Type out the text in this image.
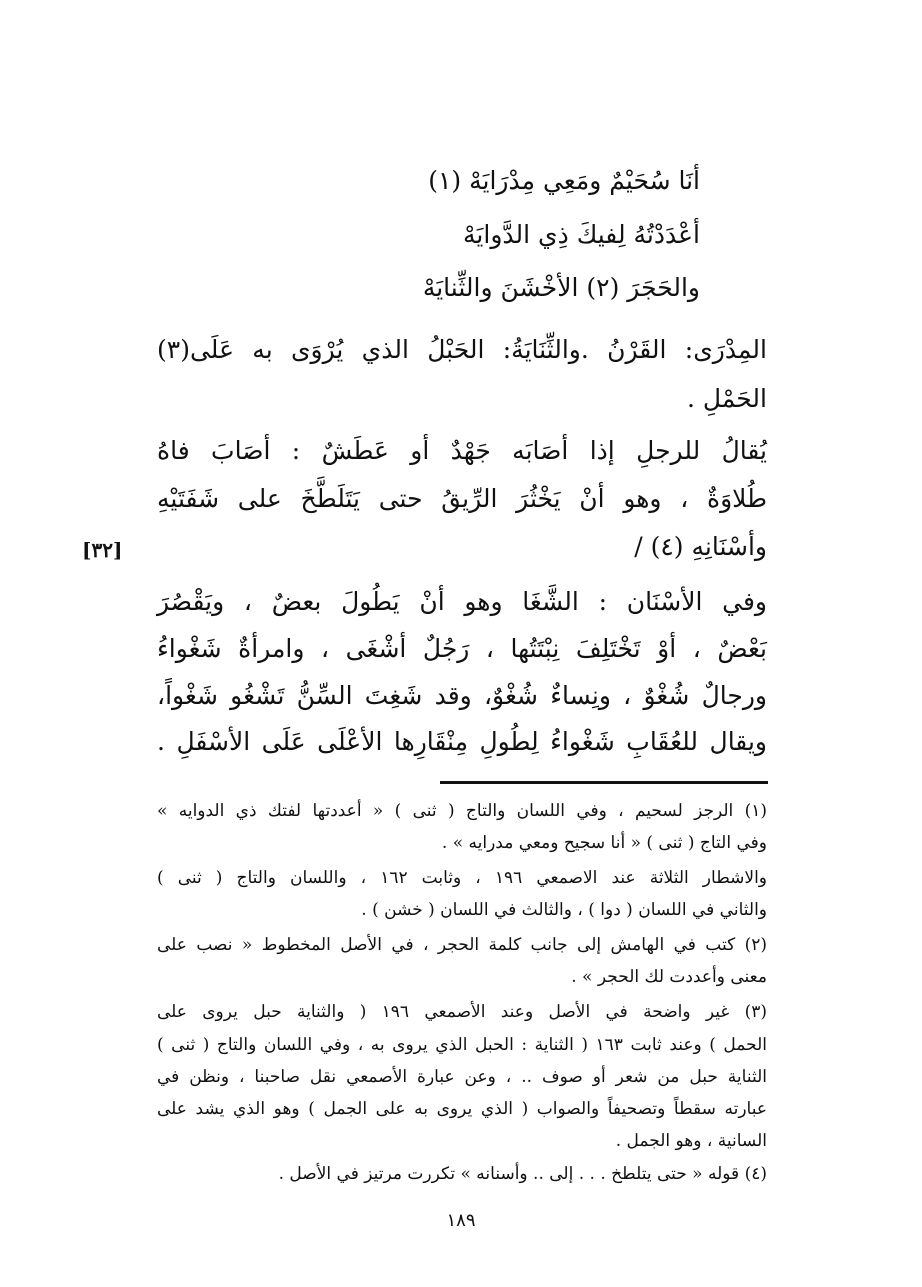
أنَا سُحَيْمٌ ومَعِي مِدْرَايَهْ (١)
أعْدَدْتُهُ لِفيكَ ذِي الدَّوايَهْ
والحَجَرَ (٢) الأخْشَنَ والثِّنايَهْ
المِدْرَى: القَرْنُ .والثِّنَايَةُ: الحَبْلُ الذي يُرْوَى به عَلَى(٣)
الحَمْلِ .
يُقالُ للرجلِ إذا أصَابَه جَهْدٌ أو عَطَشٌ : أصَابَ فاهُ
طُلاوَةٌ ، وهو أنْ يَخْثُرَ الرِّيقُ حتى يَتَلَطَّخَ على شَفَتَيْهِ
وأسْنَانِهِ (٤) /
[٣٢]
وفي الأسْنَان : الشَّغَا وهو أنْ يَطُولَ بعضٌ ، ويَقْصُرَ
بَعْضٌ ، أوْ تَخْتَلِفَ نِبْتَتُها ، رَجُلٌ أشْغَى ، وامرأةٌ شَغْواءُ
ورجالٌ شُغْوٌ ، ونِساءٌ شُغْوٌ، وقد شَغِتَ السِّنُّ تَشْغُو شَغْواً،
ويقال للعُقَابِ شَغْواءُ لِطُولِ مِنْقَارِها الأعْلَى عَلَى الأسْفَلِ .
(١) الرجز لسحيم ، وفي اللسان والتاج ( ثنى ) « أعددتها لفتك ذي الدوايه »
وفي التاج ( ثنى ) « أنا سجيح ومعي مدرايه » .
والاشطار الثلاثة عند الاصمعي ١٩٦ ، وثابت ١٦٢ ، واللسان والتاج ( ثنى )
والثاني في اللسان ( دوا ) ، والثالث في اللسان ( خشن ) .
(٢) كتب في الهامش إلى جانب كلمة الحجر ، في الأصل المخطوط « نصب على
معنى وأعددت لك الحجر » .
(٣) غير واضحة في الأصل وعند الأصمعي ١٩٦ ( والثناية حبل يروى على
الحمل ) وعند ثابت ١٦٣ ( الثناية : الحبل الذي يروى به ، وفي اللسان والتاج ( ثنى )
الثناية حبل من شعر أو صوف .. ، وعن عبارة الأصمعي نقل صاحبنا ، ونظن في
عبارته سقطاً وتصحيفاً والصواب ( الذي يروى به على الجمل ) وهو الذي يشد على
السانية ، وهو الجمل .
(٤) قوله « حتى يتلطخ . . . إلى .. وأسنانه » تكررت مرتيز في الأصل .
١٨٩
